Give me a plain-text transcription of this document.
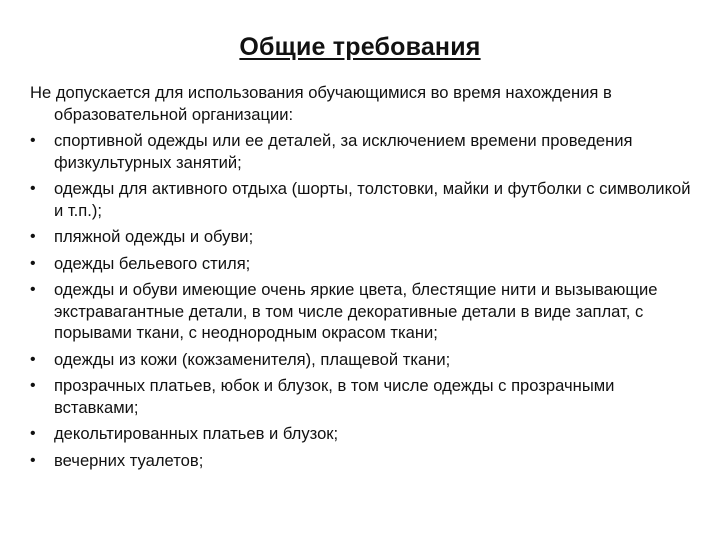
Общие требования

Не допускается для использования обучающимися во время нахождения в образовательной организации:

• спортивной одежды или ее деталей, за исключением времени проведения физкультурных занятий;
• одежды для активного отдыха (шорты, толстовки, майки и футболки с символикой и т.п.);
• пляжной одежды и обуви;
• одежды бельевого стиля;
• одежды и обуви имеющие очень яркие цвета, блестящие нити и вызывающие экстравагантные детали, в том числе декоративные детали в виде заплат, с порывами ткани, с неоднородным окрасом ткани;
• одежды из кожи (кожзаменителя), плащевой ткани;
• прозрачных платьев, юбок и блузок, в том числе одежды с прозрачными вставками;
• декольтированных платьев и блузок;
• вечерних туалетов;
